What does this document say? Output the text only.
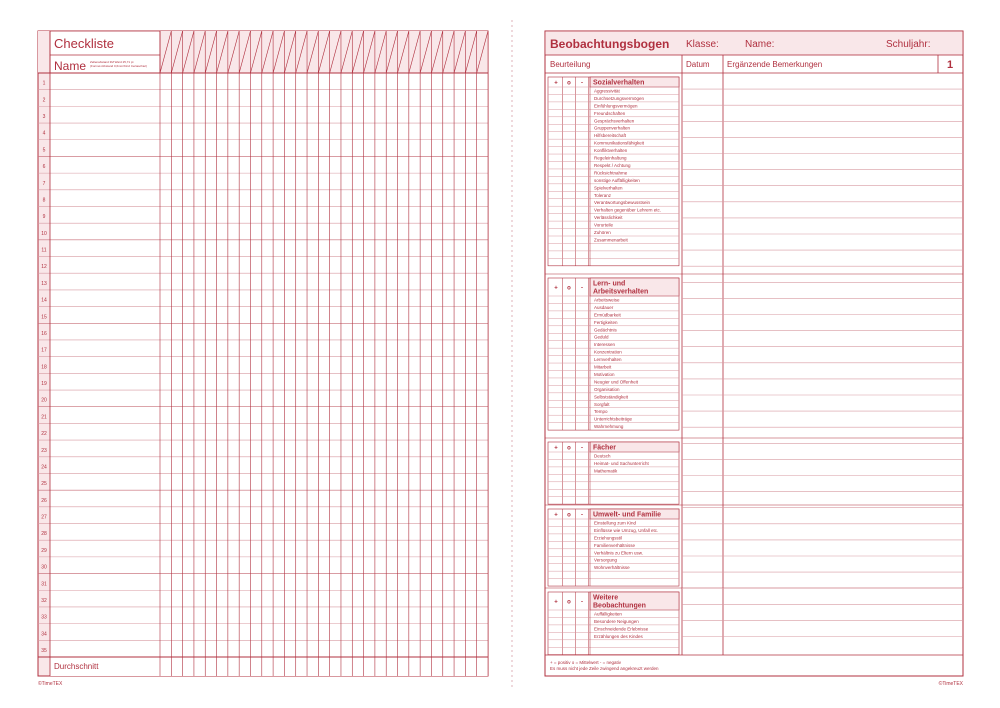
Checkliste
Name Zellenabstand 3M Ward 25,71 pt
(Formel-/Abstand 0,6mm/Kin2 Certaschiel)
1
2
3
4
5
6
7
8
9
10
11
12
13
14
15
16
17
18
19
20
21
22
23
24
25
26
27
28
29
30
31
32
33
34
35
Durchschnitt
©TimeTEX
Beobachtungsbogen Klasse:	Name:	Schuljahr:
Beurteilung	Datum Ergänzende Bemerkungen	1
+ o - Sozialverhalten
Aggressivität
Durchsetzungsvermögen
Einfühlungsvermögen
Freundschaften
Gesprächsverhalten
Gruppenverhalten
Hilfsbereitschaft
Kommunikationsfähigkeit
Konfliktverhalten
Regeleinhaltung
Respekt / Achtung
Rücksichtnahme
sonstige Auffälligkeiten
Spielverhalten
Toleranz
Verantwortungsbewusstsein
Verhalten gegenüber Lehrern etc.
Verlässlichkeit
Vorurteile
Zuhören
Zusammenarbeit
+ o -
Lern- und
Arbeitsverhalten
Arbeitsweise
Ausdauer
Ermüdbarkeit
Fertigkeiten
Gedächtnis
Geduld
Interessen
Konzentration
Lernverhalten
Mitarbeit
Motivation
Neugier und Offenheit
Organisation
Selbstständigkeit
Sorgfalt
Tempo
Unterrichtsbeiträge
Wahrnehmung
+ o - Fächer
Deutsch
Heimat- und Sachunterricht
Mathematik
+ o - Umwelt- und Familie
Einstellung zum Kind
Einflüsse wie Umzug, Unfall etc.
Erziehungsstil
Familienverhältnisse
Verhältnis zu Eltern usw.
Versorgung
Wohnverhältnisse
+ o -
Weitere
Beobachtungen
Auffälligkeiten
Besondere Neigungen
Einschneidende Erlebnisse
Erzählungen des Kindes
+ = positiv o = Mittelwert - = negativ
Es muss nicht jede Zeile zwingend angekreuzt werden
©TimeTEX
